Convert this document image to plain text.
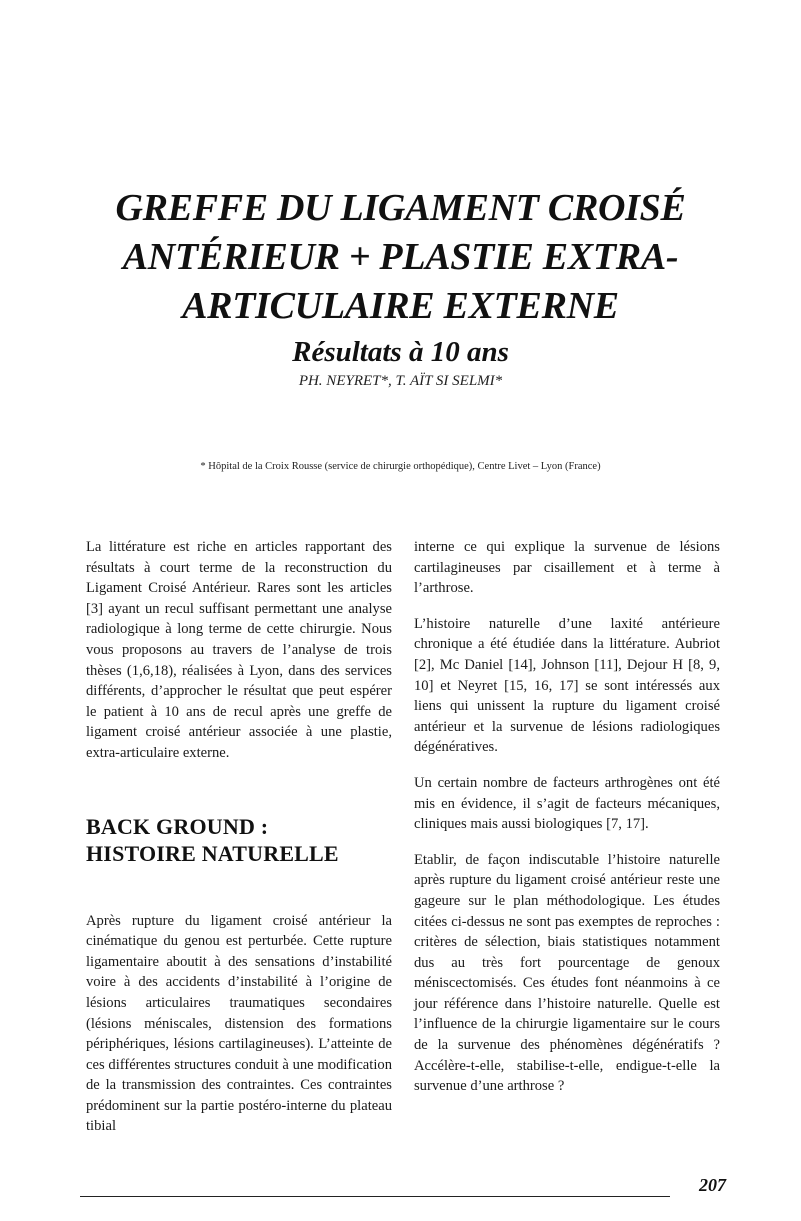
GREFFE DU LIGAMENT CROISÉ
ANTÉRIEUR + PLASTIE EXTRA-
ARTICULAIRE EXTERNE
Résultats à 10 ans
PH. NEYRET*, T. AÏT SI SELMI*
* Hôpital de la Croix Rousse (service de chirurgie orthopédique), Centre Livet – Lyon (France)

La littérature est riche en articles rapportant des résultats à court terme de la reconstruction du Ligament Croisé Antérieur. Rares sont les articles [3] ayant un recul suffisant permettant une analyse radiologique à long terme de cette chirurgie. Nous vous proposons au travers de l’analyse de trois thèses (1,6,18), réalisées à Lyon, dans des services différents, d’approcher le résultat que peut espérer le patient à 10 ans de recul après une greffe de ligament croisé antérieur associée à une plastie, extra-articulaire externe.

BACK GROUND :
HISTOIRE NATURELLE

Après rupture du ligament croisé antérieur la cinématique du genou est perturbée. Cette rupture ligamentaire aboutit à des sensations d’instabilité voire à des accidents d’instabilité à l’origine de lésions articulaires traumatiques secondaires (lésions méniscales, distension des formations périphériques, lésions cartilagineuses). L’atteinte de ces différentes structures conduit à une modification de la transmission des contraintes. Ces contraintes prédominent sur la partie postéro-interne du plateau tibial

interne ce qui explique la survenue de lésions cartilagineuses par cisaillement et à terme à l’arthrose.

L’histoire naturelle d’une laxité antérieure chronique a été étudiée dans la littérature. Aubriot [2], Mc Daniel [14], Johnson [11], Dejour H [8, 9, 10] et Neyret [15, 16, 17] se sont intéressés aux liens qui unissent la rupture du ligament croisé antérieur et la survenue de lésions radiologiques dégénératives.

Un certain nombre de facteurs arthrogènes ont été mis en évidence, il s’agit de facteurs mécaniques, cliniques mais aussi biologiques [7, 17].

Etablir, de façon indiscutable l’histoire naturelle après rupture du ligament croisé antérieur reste une gageure sur le plan méthodologique. Les études citées ci-dessus ne sont pas exemptes de reproches : critères de sélection, biais statistiques notamment dus au très fort pourcentage de genoux méniscectomisés. Ces études font néanmoins à ce jour référence dans l’histoire naturelle. Quelle est l’influence de la chirurgie ligamentaire sur le cours de la survenue des phénomènes dégénératifs ? Accélère-t-elle, stabilise-t-elle, endigue-t-elle la survenue d’une arthrose ?

207
